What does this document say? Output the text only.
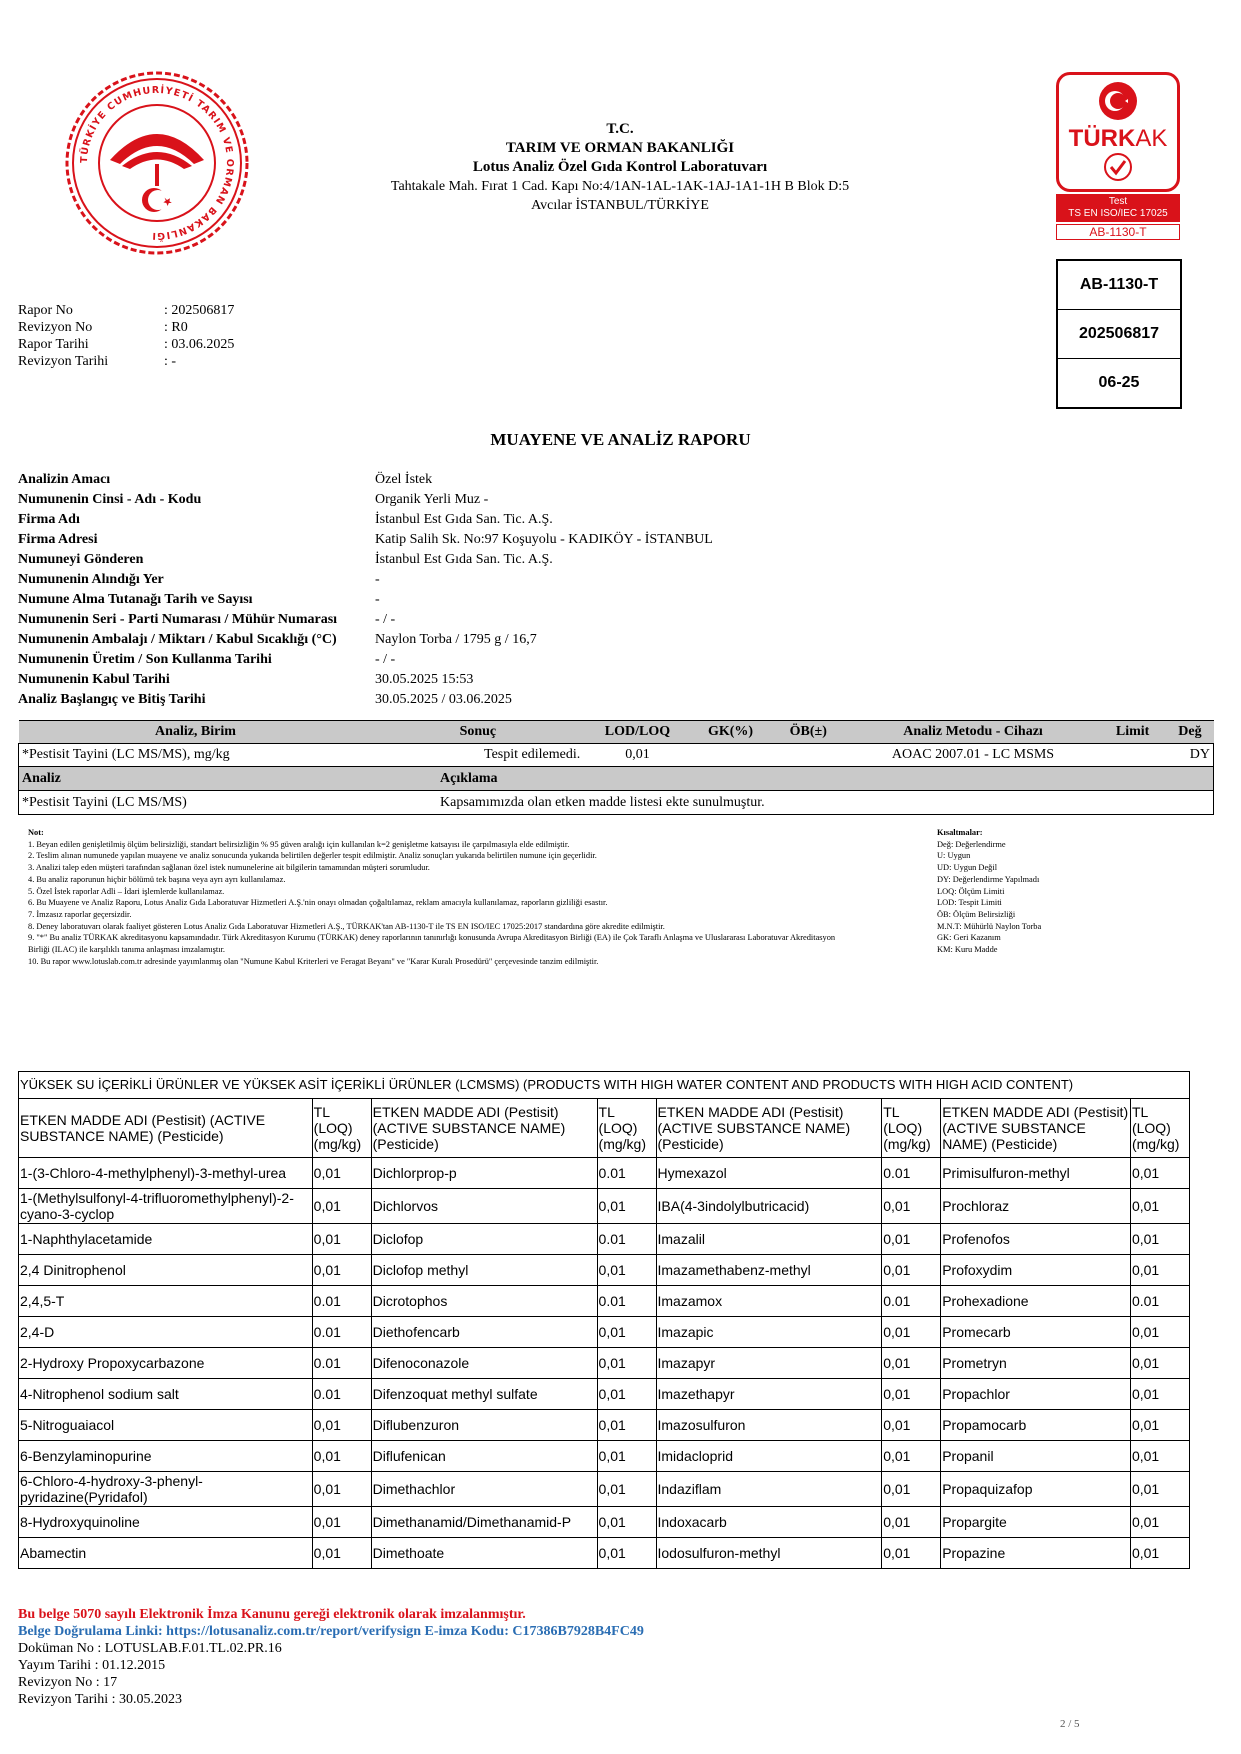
TÜRKİYE CUMHURİYETİ TARIM VE ORMAN BAKANLIĞI
T.C.
TARIM VE ORMAN BAKANLIĞI
Lotus Analiz Özel Gıda Kontrol Laboratuvarı
Tahtakale Mah. Fırat 1 Cad. Kapı No:4/1AN-1AL-1AK-1AJ-1A1-1H B Blok D:5
Avcılar İSTANBUL/TÜRKİYE
TÜRKAK
Test
TS EN ISO/IEC 17025
AB-1130-T
AB-1130-T
202506817
06-25
Rapor No	: 202506817
Revizyon No	: R0
Rapor Tarihi	: 03.06.2025
Revizyon Tarihi	: -
MUAYENE VE ANALİZ RAPORU
Analizin Amacı	Özel İstek
Numunenin Cinsi - Adı - Kodu	Organik Yerli Muz -
Firma Adı	İstanbul Est Gıda San. Tic. A.Ş.
Firma Adresi	Katip Salih Sk. No:97 Koşuyolu - KADIKÖY - İSTANBUL
Numuneyi Gönderen	İstanbul Est Gıda San. Tic. A.Ş.
Numunenin Alındığı Yer	-
Numune Alma Tutanağı Tarih ve Sayısı	-
Numunenin Seri - Parti Numarası / Mühür Numarası	- / -
Numunenin Ambalajı / Miktarı / Kabul Sıcaklığı (°C)	Naylon Torba / 1795 g / 16,7
Numunenin Üretim / Son Kullanma Tarihi	- / -
Numunenin Kabul Tarihi	30.05.2025 15:53
Analiz Başlangıç ve Bitiş Tarihi	30.05.2025 / 03.06.2025
Analiz, Birim	Sonuç	LOD/LOQ	GK(%)	ÖB(±)	Analiz Metodu - Cihazı	Limit	Değ
*Pestisit Tayini (LC MS/MS), mg/kg	Tespit edilemedi.	0,01			AOAC 2007.01 - LC MSMS		DY
Analiz	Açıklama
*Pestisit Tayini (LC MS/MS)	Kapsamımızda olan etken madde listesi ekte sunulmuştur.
Not:
1. Beyan edilen genişletilmiş ölçüm belirsizliği, standart belirsizliğin % 95 güven aralığı için kullanılan k=2 genişletme katsayısı ile çarpılmasıyla elde edilmiştir.
2. Teslim alınan numunede yapılan muayene ve analiz sonucunda yukarıda belirtilen değerler tespit edilmiştir. Analiz sonuçları yukarıda belirtilen numune için geçerlidir.
3. Analizi talep eden müşteri tarafından sağlanan özel istek numunelerine ait bilgilerin tamamından müşteri sorumludur.
4. Bu analiz raporunun hiçbir bölümü tek başına veya ayrı ayrı kullanılamaz.
5. Özel İstek raporlar Adli – İdari işlemlerde kullanılamaz.
6. Bu Muayene ve Analiz Raporu, Lotus Analiz Gıda Laboratuvar Hizmetleri A.Ş.'nin onayı olmadan çoğaltılamaz, reklam amacıyla kullanılamaz, raporların gizliliği esastır.
7. İmzasız raporlar geçersizdir.
8. Deney laboratuvarı olarak faaliyet gösteren Lotus Analiz Gıda Laboratuvar Hizmetleri A.Ş., TÜRKAK'tan AB-1130-T ile TS EN ISO/IEC 17025:2017 standardına göre akredite edilmiştir.
9. "*" Bu analiz TÜRKAK akreditasyonu kapsamındadır. Türk Akreditasyon Kurumu (TÜRKAK) deney raporlarının tanınırlığı konusunda Avrupa Akreditasyon Birliği (EA) ile Çok Taraflı Anlaşma ve Uluslararası Laboratuvar Akreditasyon Birliği (ILAC) ile karşılıklı tanıma anlaşması imzalamıştır.
10. Bu rapor www.lotuslab.com.tr adresinde yayımlanmış olan "Numune Kabul Kriterleri ve Feragat Beyanı" ve "Karar Kuralı Prosedürü" çerçevesinde tanzim edilmiştir.
Kısaltmalar:
Değ: Değerlendirme
U: Uygun
UD: Uygun Değil
DY: Değerlendirme Yapılmadı
LOQ: Ölçüm Limiti
LOD: Tespit Limiti
ÖB: Ölçüm Belirsizliği
M.N.T: Mühürlü Naylon Torba
GK: Geri Kazanım
KM: Kuru Madde
YÜKSEK SU İÇERİKLİ ÜRÜNLER VE YÜKSEK ASİT İÇERİKLİ ÜRÜNLER (LCMSMS) (PRODUCTS WITH HIGH WATER CONTENT AND PRODUCTS WITH HIGH ACID CONTENT)							
ETKEN MADDE ADI (Pestisit) (ACTIVE SUBSTANCE NAME) (Pesticide)	TL (LOQ) (mg/kg)	ETKEN MADDE ADI (Pestisit) (ACTIVE SUBSTANCE NAME) (Pesticide)	TL (LOQ) (mg/kg)	ETKEN MADDE ADI (Pestisit) (ACTIVE SUBSTANCE NAME) (Pesticide)	TL (LOQ) (mg/kg)	ETKEN MADDE ADI (Pestisit) (ACTIVE SUBSTANCE NAME) (Pesticide)	TL (LOQ) (mg/kg)
1-(3-Chloro-4-methylphenyl)-3-methyl-urea	0,01	Dichlorprop-p	0.01	Hymexazol	0.01	Primisulfuron-methyl	0,01
1-(Methylsulfonyl-4-trifluoromethylphenyl)-2-cyano-3-cyclop	0,01	Dichlorvos	0,01	IBA(4-3indolylbutricacid)	0,01	Prochloraz	0,01
1-Naphthylacetamide	0,01	Diclofop	0.01	Imazalil	0,01	Profenofos	0,01
2,4 Dinitrophenol	0,01	Diclofop methyl	0,01	Imazamethabenz-methyl	0,01	Profoxydim	0,01
2,4,5-T	0.01	Dicrotophos	0.01	Imazamox	0.01	Prohexadione	0.01
2,4-D	0.01	Diethofencarb	0,01	Imazapic	0,01	Promecarb	0,01
2-Hydroxy Propoxycarbazone	0.01	Difenoconazole	0,01	Imazapyr	0,01	Prometryn	0,01
4-Nitrophenol sodium salt	0.01	Difenzoquat methyl sulfate	0,01	Imazethapyr	0,01	Propachlor	0,01
5-Nitroguaiacol	0,01	Diflubenzuron	0,01	Imazosulfuron	0,01	Propamocarb	0,01
6-Benzylaminopurine	0,01	Diflufenican	0,01	Imidacloprid	0,01	Propanil	0,01
6-Chloro-4-hydroxy-3-phenyl-pyridazine(Pyridafol)	0,01	Dimethachlor	0,01	Indaziflam	0,01	Propaquizafop	0,01
8-Hydroxyquinoline	0,01	Dimethanamid/Dimethanamid-P	0,01	Indoxacarb	0,01	Propargite	0,01
Abamectin	0,01	Dimethoate	0,01	Iodosulfuron-methyl	0,01	Propazine	0,01
Bu belge 5070 sayılı Elektronik İmza Kanunu gereği elektronik olarak imzalanmıştır.
Belge Doğrulama Linki: https://lotusanaliz.com.tr/report/verifysign E-imza Kodu: C17386B7928B4FC49
Doküman No : LOTUSLAB.F.01.TL.02.PR.16
Yayım Tarihi : 01.12.2015
Revizyon No : 17
Revizyon Tarihi : 30.05.2023
2 / 5
